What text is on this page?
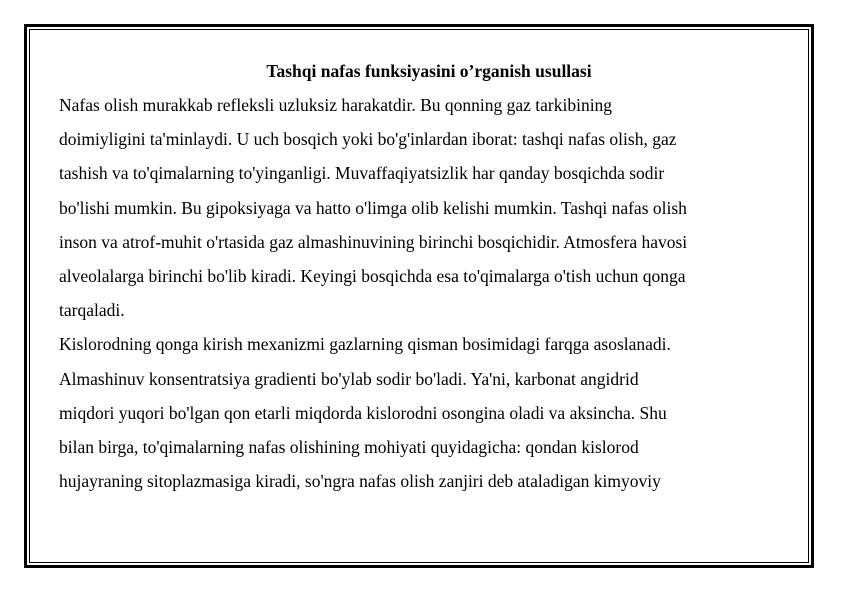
Tashqi nafas funksiyasini o’rganish usullasi

Nafas olish murakkab refleksli uzluksiz harakatdir. Bu qonning gaz tarkibining
doimiyligini ta'minlaydi. U uch bosqich yoki bo'g'inlardan iborat: tashqi nafas olish, gaz
tashish va to'qimalarning to'yinganligi. Muvaffaqiyatsizlik har qanday bosqichda sodir
bo'lishi mumkin. Bu gipoksiyaga va hatto o'limga olib kelishi mumkin. Tashqi nafas olish
inson va atrof-muhit o'rtasida gaz almashinuvining birinchi bosqichidir. Atmosfera havosi
alveolalarga birinchi bo'lib kiradi. Keyingi bosqichda esa to'qimalarga o'tish uchun qonga
tarqaladi.

Kislorodning qonga kirish mexanizmi gazlarning qisman bosimidagi farqga asoslanadi.
Almashinuv konsentratsiya gradienti bo'ylab sodir bo'ladi. Ya'ni, karbonat angidrid
miqdori yuqori bo'lgan qon etarli miqdorda kislorodni osongina oladi va aksincha. Shu
bilan birga, to'qimalarning nafas olishining mohiyati quyidagicha: qondan kislorod
hujayraning sitoplazmasiga kiradi, so'ngra nafas olish zanjiri deb ataladigan kimyoviy
